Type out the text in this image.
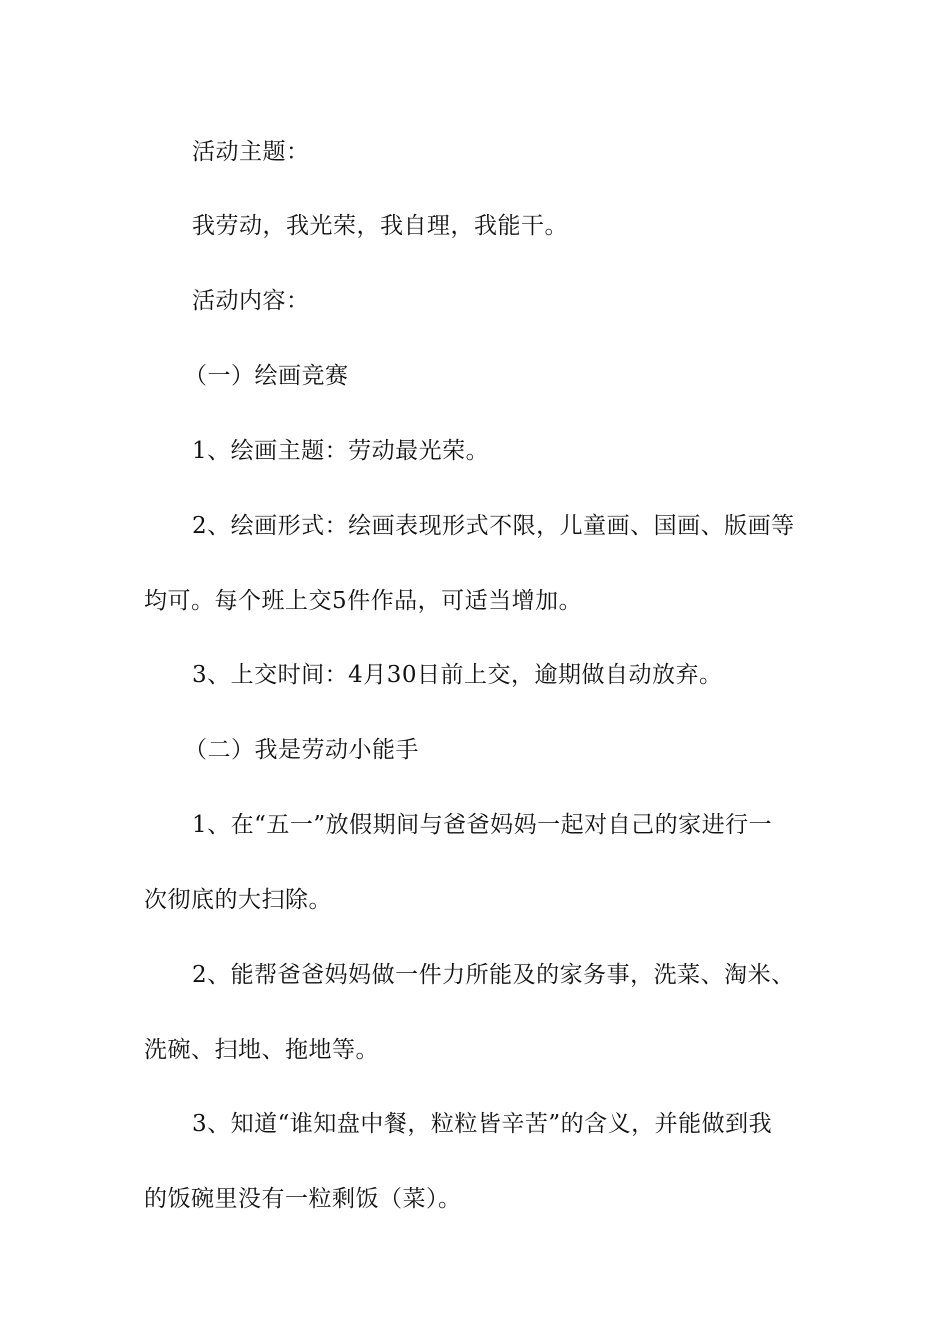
活动主题：

我劳动，我光荣，我自理，我能干。

活动内容：

（一）绘画竞赛

1、绘画主题：劳动最光荣。

2、绘画形式：绘画表现形式不限，儿童画、国画、版画等

均可。每个班上交5件作品，可适当增加。

3、上交时间：4月30日前上交，逾期做自动放弃。

（二）我是劳动小能手

1、在“五一”放假期间与爸爸妈妈一起对自己的家进行一

次彻底的大扫除。

2、能帮爸爸妈妈做一件力所能及的家务事，洗菜、淘米、

洗碗、扫地、拖地等。

3、知道“谁知盘中餐，粒粒皆辛苦”的含义，并能做到我

的饭碗里没有一粒剩饭（菜）。
